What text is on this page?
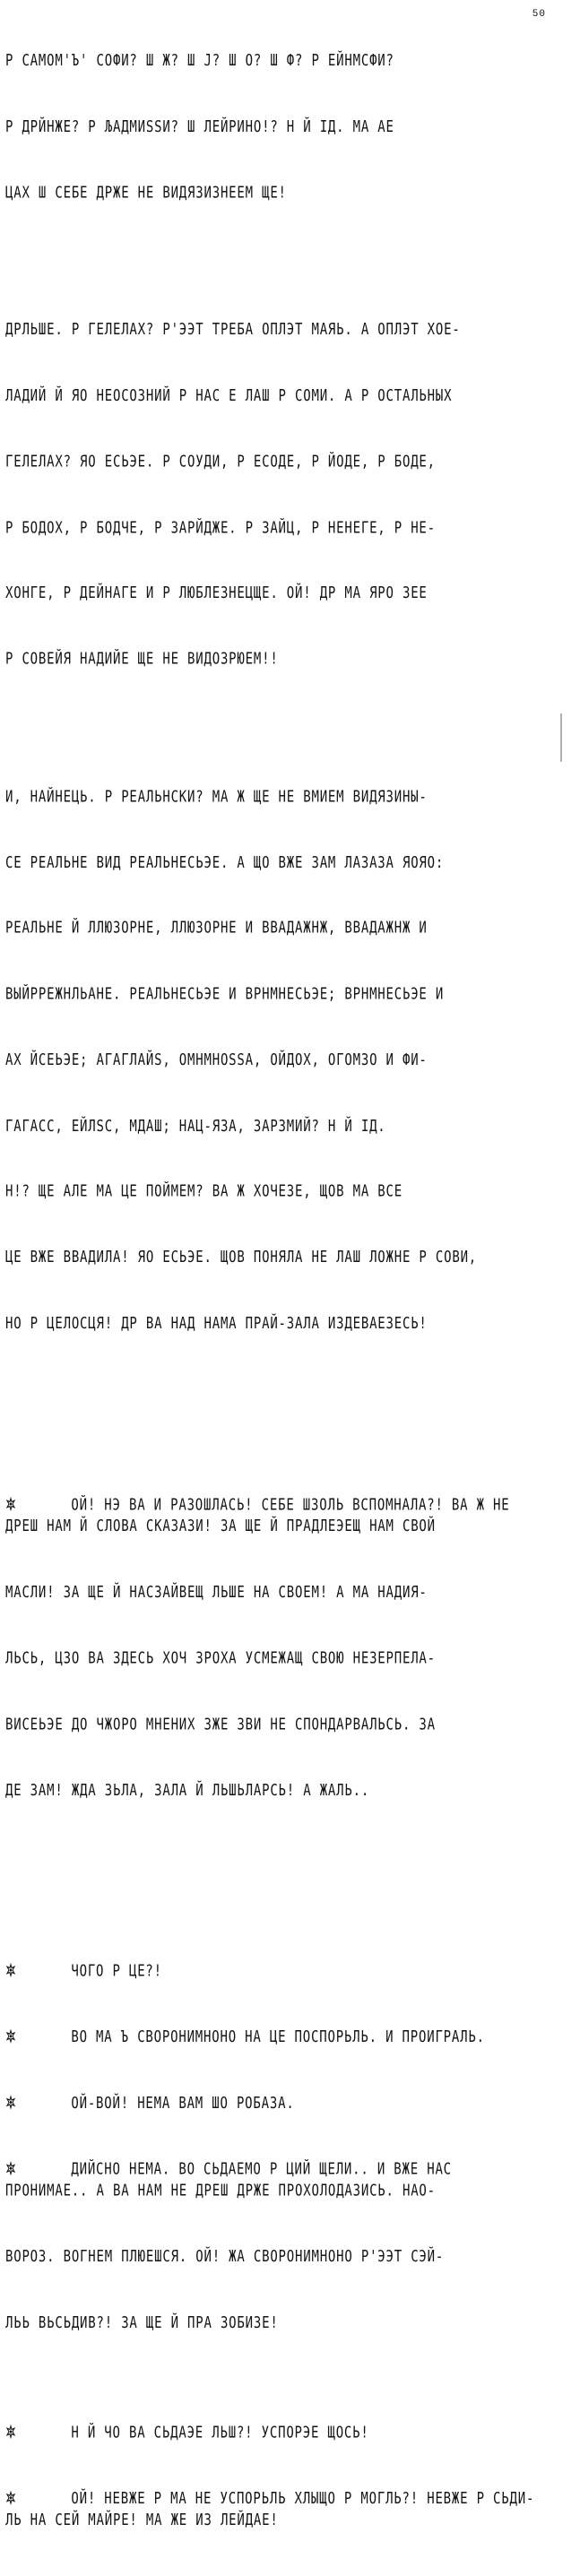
50

Р САМОМ'Ъ' СОФИ? Ш Ж? Ш Ј? Ш О? Ш Ф? Р ЕЙНМСФИ?

Р ДРЙНЖЕ? Р ЉАДМИЅЅИ? Ш ЛЕЙРИНО!? Н Й ІД. МА АЕ

ЦАХ Ш СЕБЕ ДРЖЕ НЕ ВИДЯЗИЗНЕЕМ ЩЕ!

ДРЛЬШЕ. Р ГЕЛЕЛАХ? Р'ЭЭТ ТРЕБА ОПЛЭТ МАЯЬ. А ОПЛЭТ ХОЕ-

ЛАДИЙ Й ЯО НЕОСОЗНИЙ Р НАС Е ЛАШ Р СОМИ. А Р ОСТАЛЬНЫХ

ГЕЛЕЛАХ? ЯО ЕСЬЭЕ. Р СОУДИ, Р ЕСОДЕ, Р ЙОДЕ, Р БОДЕ,

Р БОДОХ, Р БОДЧЕ, Р ЗАРЙДЖЕ. Р ЗАЙЦ, Р НЕНЕГЕ, Р НЕ-

ХОНГЕ, Р ДЕЙНАГЕ И Р ЛЮБЛЕЗНЕЦЩЕ. ОЙ! ДР МА ЯРО ЗЕЕ

Р СОВЕЙЯ НАДИЙЕ ЩЕ НЕ ВИДОЗРЮЕМ!!

И, НАЙНЕЦЬ. Р РЕАЛЬНСКИ? МА Ж ЩЕ НЕ ВМИЕМ ВИДЯЗИНЫ-

СЕ РЕАЛЬНЕ ВИД РЕАЛЬНЕСЬЭЕ. А ЩО ВЖЕ ЗАМ ЛАЗАЗА ЯОЯО:

РЕАЛЬНЕ Й ЛЛЮЗОРНЕ, ЛЛЮЗОРНЕ И ВВАДАЖНЖ, ВВАДАЖНЖ И

ВЫЙРРЕЖНЛЬАНЕ. РЕАЛЬНЕСЬЭЕ И ВРНМНЕСЬЭЕ; ВРНМНЕСЬЭЕ И

АХ ЙСЕЬЭЕ; АГАГЛАЙЅ, ОМНМНОЅЅА, ОЙДОХ, ОГОМЗО И ФИ-

ГАГАСС, ЕЙЛЅС, МДАШ; НАЦ-ЯЗА, ЗАРЗМИЙ? Н Й ІД.

Н!? ЩЕ АЛЕ МА ЦЕ ПОЙМЕМ? ВА Ж ХОЧЕЗЕ, ЩОВ МА ВСЕ

ЦЕ ВЖЕ ВВАДИЛА! ЯО ЕСЬЭЕ. ЩОВ ПОНЯЛА НЕ ЛАШ ЛОЖНЕ Р СОВИ,

НО Р ЦЕЛОСЦЯ! ДР ВА НАД НАМА ПРАЙ-ЗАЛА ИЗДЕВАЕЗЕСЬ!

ОЙ! НЭ ВА И РАЗОШЛАСЬ! СЕБЕ ШЗОЛЬ ВСПОМНАЛА?! ВА Ж НЕ

ДРЕШ НАМ Й СЛОВА СКАЗАЗИ! ЗА ЩЕ Й ПРАДЛЕЭЕЩ НАМ СВОЙ

МАСЛИ! ЗА ЩЕ Й НАСЗАЙВЕЩ ЛЬШЕ НА СВОЕМ! А МА НАДИЯ-

ЛЬСЬ, ЦЗО ВА ЗДЕСЬ ХОЧ ЗРОХА УСМЕЖАЩ СВОЮ НЕЗЕРПЕЛА-

ВИСЕЬЭЕ ДО ЧЖОРО МНЕНИХ ЗЖЕ ЗВИ НЕ СПОНДАРВАЛЬСЬ. ЗА

ДЕ ЗАМ! ЖДА ЗЬЛА, ЗАЛА Й ЛЬШЬЛАРСЬ! А ЖАЛЬ..

ЧОГО Р ЦЕ?!

ВО МА Ъ СВОРОНИМНОНО НА ЦЕ ПОСПОРЬЛЬ. И ПРОИГРАЛЬ.

ОЙ-ВОЙ! НЕМА ВАМ ШО РОБАЗА.

ДИЙСНО НЕМА. ВО СЬДАЕМО Р ЦИЙ ЩЕЛИ.. И ВЖЕ НАС

ПРОНИМАЕ.. А ВА НАМ НЕ ДРЕШ ДРЖЕ ПРОХОЛОДАЗИСЬ. НАО-

ВОРОЗ. ВОГНЕМ ПЛЮЕШСЯ. ОЙ! ЖА СВОРОНИМНОНО Р'ЭЭТ СЭЙ-

ЛЬЬ ВЬСЬДИВ?! ЗА ЩЕ Й ПРА ЗОБИЗЕ!

Н Й ЧО ВА СЬДАЭЕ ЛЬШ?! УСПОРЭЕ ЩОСЬ!

ОЙ! НЕВЖЕ Р МА НЕ УСПОРЬЛЬ ХЛЫЩО Р МОГЛЬ?! НЕВЖЕ Р СЬДИ-

ЛЬ НА СЕЙ МАЙРЕ! МА ЖЕ ИЗ ЛЕЙДАЕ!
